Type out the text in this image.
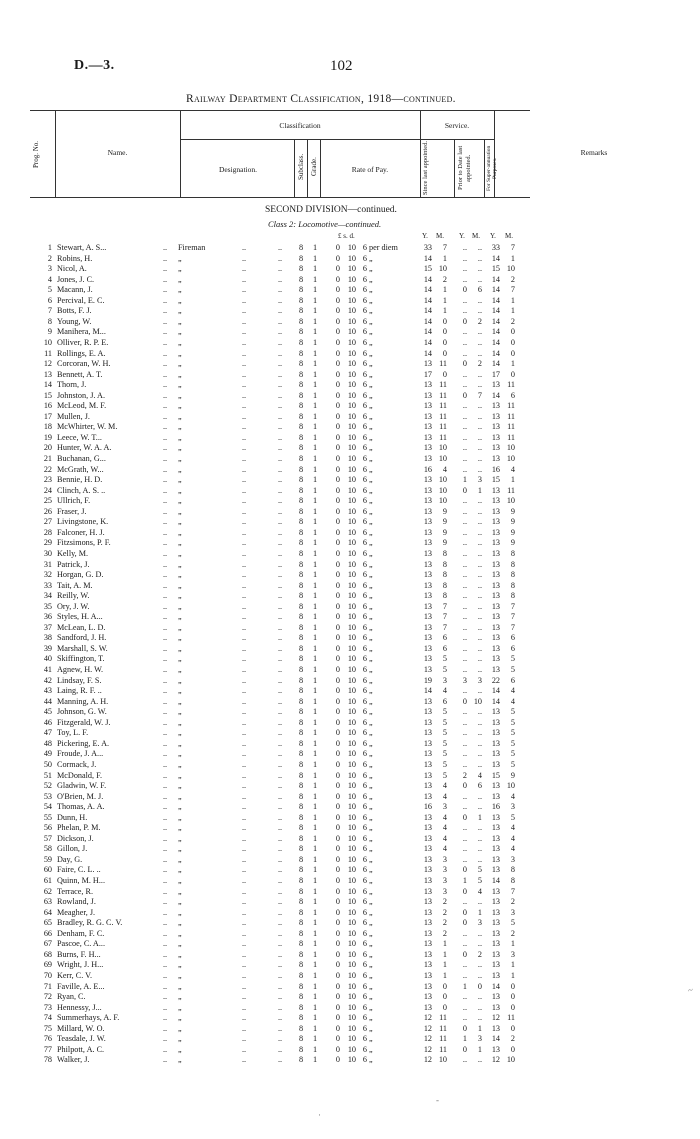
D.—3.	102
Railway Department Classification, 1918—continued.
Prog. No.	Name.
Classification
Designation.	Subclass. Grade.	Rate of Pay.
Service.
Since last appointed.	Prior to Date last appointed.	For Super-annuation Purposes.
Remarks
SECOND DIVISION—continued.
Class 2: Locomotive—continued.
£ s. d.	Y. M. Y. M. Y. M.
1 Stewart, A. S...	.. Fireman	..	..	8	1	0 10 6 per diem	33	7	..	..	33	7
2 Robins, H.	.. „	..	..	8	1	0 10 6 „	14	1	..	..	14	1
3 Nicol, A.	.. „	..	..	8	1	0 10 6 „	15 10	..	..	15 10
4 Jones, J. C.	.. „	..	..	8	1	0 10 6 „	14	2	..	..	14	2
5 Macann, J.	.. „	..	..	8	1	0 10 6 „	14	1	0	6	14	7
6 Percival, E. C.	.. „	..	..	8	1	0 10 6 „	14	1	..	..	14	1
7 Botts, F. J.	.. „	..	..	8	1	0 10 6 „	14	1	..	..	14	1
8 Young, W.	.. „	..	..	8	1	0 10 6 „	14	0	0	2	14	2
9 Manihera, M...	.. „	..	..	8	1	0 10 6 „	14	0	..	..	14	0
10 Olliver, R. P. E.	.. „	..	..	8	1	0 10 6 „	14	0	..	..	14	0
11 Rollings, E. A.	.. „	..	..	8	1	0 10 6 „	14	0	..	..	14	0
12 Corcoran, W. H.	.. „	..	..	8	1	0 10 6 „	13 11	0	2	14	1
13 Bennett, A. T.	.. „	..	..	8	1	0 10 6 „	17	0	..	..	17	0
14 Thorn, J.	.. „	..	..	8	1	0 10 6 „	13 11	..	..	13 11
15 Johnston, J. A.	.. „	..	..	8	1	0 10 6 „	13 11	0	7	14	6
16 McLeod, M. F.	.. „	..	..	8	1	0 10 6 „	13 11	..	..	13 11
17 Mullen, J.	.. „	..	..	8	1	0 10 6 „	13 11	..	..	13 11
18 McWhirter, W. M.	.. „	..	..	8	1	0 10 6 „	13 11	..	..	13 11
19 Leece, W. T...	.. „	..	..	8	1	0 10 6 „	13 11	..	..	13 11
20 Hunter, W. A. A.	.. „	..	..	8	1	0 10 6 „	13 10	..	..	13 10
21 Buchanan, G...	.. „	..	..	8	1	0 10 6 „	13 10	..	..	13 10
22 McGrath, W...	.. „	..	..	8	1	0 10 6 „	16	4	..	..	16	4
23 Bennie, H. D.	.. „	..	..	8	1	0 10 6 „	13 10	1	3	15	1
24 Clinch, A. S. ..	.. „	..	..	8	1	0 10 6 „	13 10	0	1	13 11
25 Ullrich, F.	.. „	..	..	8	1	0 10 6 „	13 10	..	..	13 10
26 Fraser, J.	.. „	..	..	8	1	0 10 6 „	13	9	..	..	13	9
27 Livingstone, K.	.. „	..	..	8	1	0 10 6 „	13	9	..	..	13	9
28 Falconer, H. J.	.. „	..	..	8	1	0 10 6 „	13	9	..	..	13	9
29 Fitzsimons, P. F.	.. „	..	..	8	1	0 10 6 „	13	9	..	..	13	9
30 Kelly, M.	.. „	..	..	8	1	0 10 6 „	13	8	..	..	13	8
31 Patrick, J.	.. „	..	..	8	1	0 10 6 „	13	8	..	..	13	8
32 Horgan, G. D.	.. „	..	..	8	1	0 10 6 „	13	8	..	..	13	8
33 Tait, A. M.	.. „	..	..	8	1	0 10 6 „	13	8	..	..	13	8
34 Reilly, W.	.. „	..	..	8	1	0 10 6 „	13	8	..	..	13	8
35 Ory, J. W.	.. „	..	..	8	1	0 10 6 „	13	7	..	..	13	7
36 Styles, H. A...	.. „	..	..	8	1	0 10 6 „	13	7	..	..	13	7
37 McLean, L. D.	.. „	..	..	8	1	0 10 6 „	13	7	..	..	13	7
38 Sandford, J. H.	.. „	..	..	8	1	0 10 6 „	13	6	..	..	13	6
39 Marshall, S. W.	.. „	..	..	8	1	0 10 6 „	13	6	..	..	13	6
40 Skiffington, T.	.. „	..	..	8	1	0 10 6 „	13	5	..	..	13	5
41 Agnew, H. W.	.. „	..	..	8	1	0 10 6 „	13	5	..	..	13	5
42 Lindsay, F. S.	.. „	..	..	8	1	0 10 6 „	19	3	3	3	22	6
43 Laing, R. F. ..	.. „	..	..	8	1	0 10 6 „	14	4	..	..	14	4
44 Manning, A. H.	.. „	..	..	8	1	0 10 6 „	13	6	0 10	14	4
45 Johnson, G. W.	.. „	..	..	8	1	0 10 6 „	13	5	..	..	13	5
46 Fitzgerald, W. J.	.. „	..	..	8	1	0 10 6 „	13	5	..	..	13	5
47 Toy, L. F.	.. „	..	..	8	1	0 10 6 „	13	5	..	..	13	5
48 Pickering, E. A.	.. „	..	..	8	1	0 10 6 „	13	5	..	..	13	5
49 Froude, J. A...	.. „	..	..	8	1	0 10 6 „	13	5	..	..	13	5
50 Cormack, J.	.. „	..	..	8	1	0 10 6 „	13	5	..	..	13	5
51 McDonald, F.	.. „	..	..	8	1	0 10 6 „	13	5	2	4	15	9
52 Gladwin, W. F.	.. „	..	..	8	1	0 10 6 „	13	4	0	6	13 10
53 O'Brien, M. J.	.. „	..	..	8	1	0 10 6 „	13	4	..	..	13	4
54 Thomas, A. A.	.. „	..	..	8	1	0 10 6 „	16	3	..	..	16	3
55 Dunn, H.	.. „	..	..	8	1	0 10 6 „	13	4	0	1	13	5
56 Phelan, P. M.	.. „	..	..	8	1	0 10 6 „	13	4	..	..	13	4
57 Dickson, J.	.. „	..	..	8	1	0 10 6 „	13	4	..	..	13	4
58 Gillon, J.	.. „	..	..	8	1	0 10 6 „	13	4	..	..	13	4
59 Day, G.	.. „	..	..	8	1	0 10 6 „	13	3	..	..	13	3
60 Faire, C. L. ..	.. „	..	..	8	1	0 10 6 „	13	3	0	5	13	8
61 Quinn, M. H...	.. „	..	..	8	1	0 10 6 „	13	3	1	5	14	8
62 Terrace, R.	.. „	..	..	8	1	0 10 6 „	13	3	0	4	13	7
63 Rowland, J.	.. „	..	..	8	1	0 10 6 „	13	2	..	..	13	2
64 Meagher, J.	.. „	..	..	8	1	0 10 6 „	13	2	0	1	13	3
65 Bradley, R. G. C. V.	.. „	..	..	8	1	0 10 6 „	13	2	0	3	13	5
66 Denham, F. C.	.. „	..	..	8	1	0 10 6 „	13	2	..	..	13	2
67 Pascoe, C. A...	.. „	..	..	8	1	0 10 6 „	13	1	..	..	13	1
68 Burns, F. H...	.. „	..	..	8	1	0 10 6 „	13	1	0	2	13	3
69 Wright, J. H...	.. „	..	..	8	1	0 10 6 „	13	1	..	..	13	1
70 Kerr, C. V.	.. „	..	..	8	1	0 10 6 „	13	1	..	..	13	1
71 Faville, A. E...	.. „	..	..	8	1	0 10 6 „	13	0	1	0	14	0
72 Ryan, C.	.. „	..	..	8	1	0 10 6 „	13	0	..	..	13	0
73 Hennessy, J...	.. „	..	..	8	1	0 10 6 „	13	0	..	..	13	0
74 Summerhays, A. F.	.. „	..	..	8	1	0 10 6 „	12 11	..	..	12 11
75 Millard, W. O.	.. „	..	..	8	1	0 10 6 „	12 11	0	1	13	0
76 Teasdale, J. W.	.. „	..	..	8	1	0 10 6 „	12 11	1	3	14	2
77 Philpott, A. C.	.. „	..	..	8	1	0 10 6 „	12 11	0	1	13	0
78 Walker, J.	.. „	..	..	8	1	0 10 6 „	12 10	..	..	12 10
-
·
~
